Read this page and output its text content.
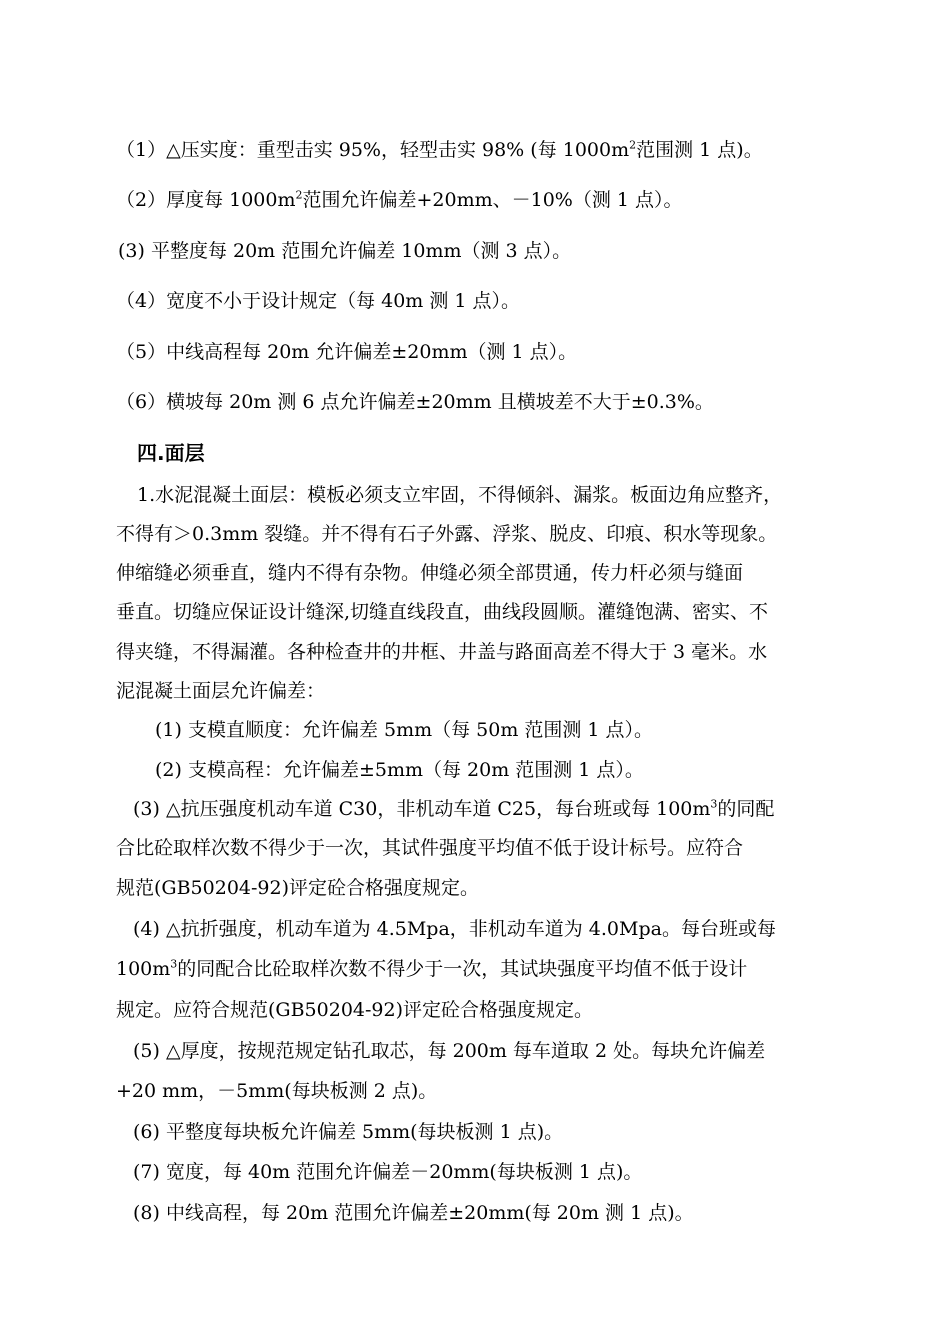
（1）△压实度：重型击实 95%，轻型击实 98% (每 $1000m^2$范围测 1 点)。
（2）厚度每 $1000m^2$范围允许偏差+20mm、－10%（测 1 点）。
(3) 平整度每 20m 范围允许偏差 10mm（测 3 点）。
（4）宽度不小于设计规定（每 40m 测 1 点）。
（5）中线高程每 20m 允许偏差±20mm（测 1 点）。
（6）横坡每 20m 测 6 点允许偏差±20mm 且横坡差不大于±0.3%。
四.面层
1.水泥混凝土面层：模板必须支立牢固，不得倾斜、漏浆。板面边角应整齐，
不得有＞0.3mm 裂缝。并不得有石子外露、浮浆、脱皮、印痕、积水等现象。
伸缩缝必须垂直，缝内不得有杂物。伸缝必须全部贯通，传力杆必须与缝面
垂直。切缝应保证设计缝深,切缝直线段直，曲线段圆顺。灌缝饱满、密实、不
得夹缝，不得漏灌。各种检查井的井框、井盖与路面高差不得大于 3 毫米。水
泥混凝土面层允许偏差：
(1) 支模直顺度：允许偏差 5mm（每 50m 范围测 1 点）。
(2) 支模高程：允许偏差±5mm（每 20m 范围测 1 点）。
(3) △抗压强度机动车道 C30，非机动车道 C25，每台班或每 $100m^3$的同配
合比砼取样次数不得少于一次，其试件强度平均值不低于设计标号。应符合
规范(GB50204-92)评定砼合格强度规定。
(4) △抗折强度，机动车道为 4.5Mpa，非机动车道为 4.0Mpa。每台班或每
$100m^3$的同配合比砼取样次数不得少于一次，其试块强度平均值不低于设计
规定。应符合规范(GB50204-92)评定砼合格强度规定。
(5) △厚度，按规范规定钻孔取芯，每 200m 每车道取 2 处。每块允许偏差
+20 mm，－5mm(每块板测 2 点)。
(6) 平整度每块板允许偏差 5mm(每块板测 1 点)。
(7) 宽度，每 40m 范围允许偏差－20mm(每块板测 1 点)。
(8) 中线高程，每 20m 范围允许偏差±20mm(每 20m 测 1 点)。
